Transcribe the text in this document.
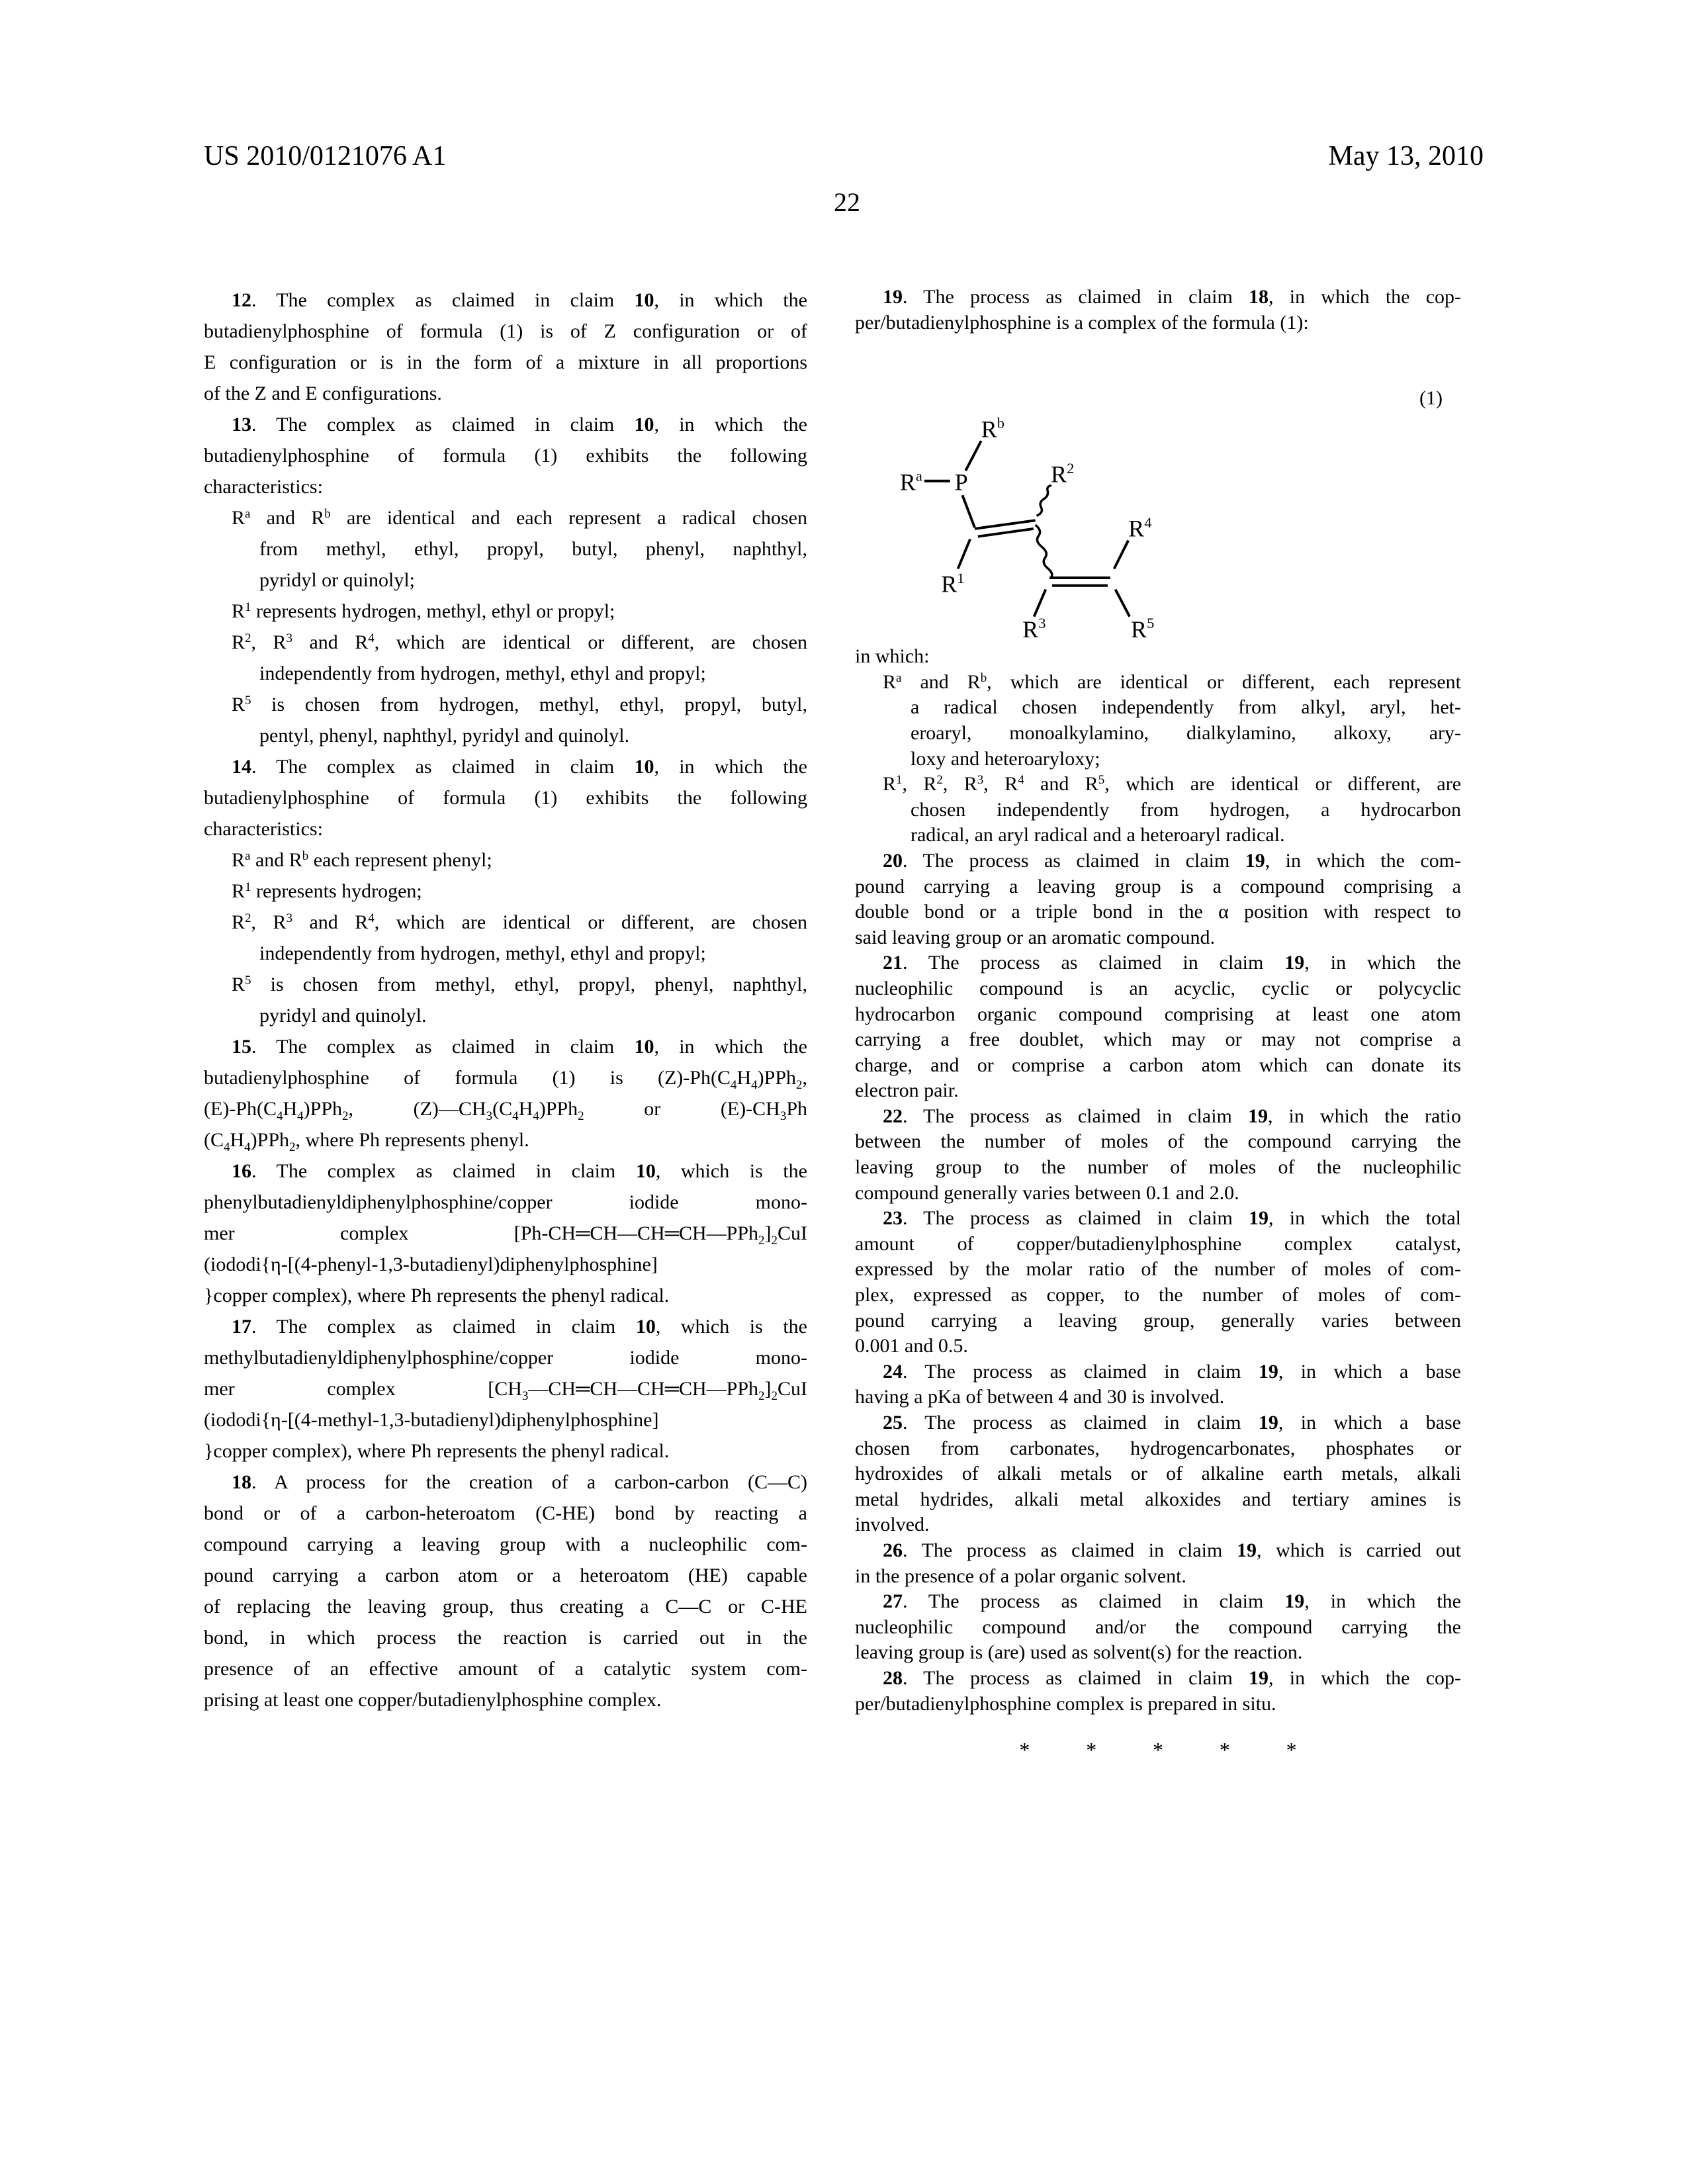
US 2010/0121076 A1	May 13, 2010
22
12. The complex as claimed in claim 10, in which the
butadienylphosphine of formula (1) is of Z configuration or of
E configuration or is in the form of a mixture in all proportions
of the Z and E configurations.
13. The complex as claimed in claim 10, in which the
butadienylphosphine of formula (1) exhibits the following
characteristics:
$R^a$ and $R^b$ are identical and each represent a radical chosen
from methyl, ethyl, propyl, butyl, phenyl, naphthyl,
pyridyl or quinolyl;
$R^1$ represents hydrogen, methyl, ethyl or propyl;
$R^2$, $R^3$ and $R^4$, which are identical or different, are chosen
independently from hydrogen, methyl, ethyl and propyl;
$R^5$ is chosen from hydrogen, methyl, ethyl, propyl, butyl,
pentyl, phenyl, naphthyl, pyridyl and quinolyl.
14. The complex as claimed in claim 10, in which the
butadienylphosphine of formula (1) exhibits the following
characteristics:
$R^a$ and $R^b$ each represent phenyl;
$R^1$ represents hydrogen;
$R^2$, $R^3$ and $R^4$, which are identical or different, are chosen
independently from hydrogen, methyl, ethyl and propyl;
$R^5$ is chosen from methyl, ethyl, propyl, phenyl, naphthyl,
pyridyl and quinolyl.
15. The complex as claimed in claim 10, in which the
butadienylphosphine of formula (1) is $(Z)-Ph(C_4H_4)PPh_2$,
$(E)-Ph(C_4H_4)PPh_2$, $(Z)—CH_3(C_4H_4)PPh_2$ or $(E)-CH_3Ph$
$(C_4H_4)PPh_2$, where Ph represents phenyl.
16. The complex as claimed in claim 10, which is the
phenylbutadienyldiphenylphosphine/copper iodide mono-
mer complex $[Ph-CH═CH—CH═CH—PPh_2]_2CuI$
(iododi{η-[(4-phenyl-1,3-butadienyl)diphenylphosphine]
}copper complex), where Ph represents the phenyl radical.
17. The complex as claimed in claim 10, which is the
methylbutadienyldiphenylphosphine/copper iodide mono-
mer complex $[CH_3—CH═CH—CH═CH—PPh_2]_2CuI$
(iododi{η-[(4-methyl-1,3-butadienyl)diphenylphosphine]
}copper complex), where Ph represents the phenyl radical.
18. A process for the creation of a carbon-carbon (C—C)
bond or of a carbon-heteroatom (C-HE) bond by reacting a
compound carrying a leaving group with a nucleophilic com-
pound carrying a carbon atom or a heteroatom (HE) capable
of replacing the leaving group, thus creating a C—C or C-HE
bond, in which process the reaction is carried out in the
presence of an effective amount of a catalytic system com-
prising at least one copper/butadienylphosphine complex.
19. The process as claimed in claim 18, in which the cop-
per/butadienylphosphine is a complex of the formula (1):
(1)
P
$R^a$
$R^b$
$R^1$
$R^2$
$R^3$
$R^4$
$R^5$
in which:
$R^a$ and $R^b$, which are identical or different, each represent
a radical chosen independently from alkyl, aryl, het-
eroaryl, monoalkylamino, dialkylamino, alkoxy, ary-
loxy and heteroaryloxy;
$R^1$, $R^2$, $R^3$, $R^4$ and $R^5$, which are identical or different, are
chosen independently from hydrogen, a hydrocarbon
radical, an aryl radical and a heteroaryl radical.
20. The process as claimed in claim 19, in which the com-
pound carrying a leaving group is a compound comprising a
double bond or a triple bond in the α position with respect to
said leaving group or an aromatic compound.
21. The process as claimed in claim 19, in which the
nucleophilic compound is an acyclic, cyclic or polycyclic
hydrocarbon organic compound comprising at least one atom
carrying a free doublet, which may or may not comprise a
charge, and or comprise a carbon atom which can donate its
electron pair.
22. The process as claimed in claim 19, in which the ratio
between the number of moles of the compound carrying the
leaving group to the number of moles of the nucleophilic
compound generally varies between 0.1 and 2.0.
23. The process as claimed in claim 19, in which the total
amount of copper/butadienylphosphine complex catalyst,
expressed by the molar ratio of the number of moles of com-
plex, expressed as copper, to the number of moles of com-
pound carrying a leaving group, generally varies between
0.001 and 0.5.
24. The process as claimed in claim 19, in which a base
having a pKa of between 4 and 30 is involved.
25. The process as claimed in claim 19, in which a base
chosen from carbonates, hydrogencarbonates, phosphates or
hydroxides of alkali metals or of alkaline earth metals, alkali
metal hydrides, alkali metal alkoxides and tertiary amines is
involved.
26. The process as claimed in claim 19, which is carried out
in the presence of a polar organic solvent.
27. The process as claimed in claim 19, in which the
nucleophilic compound and/or the compound carrying the
leaving group is (are) used as solvent(s) for the reaction.
28. The process as claimed in claim 19, in which the cop-
per/butadienylphosphine complex is prepared in situ.
* * * * *
